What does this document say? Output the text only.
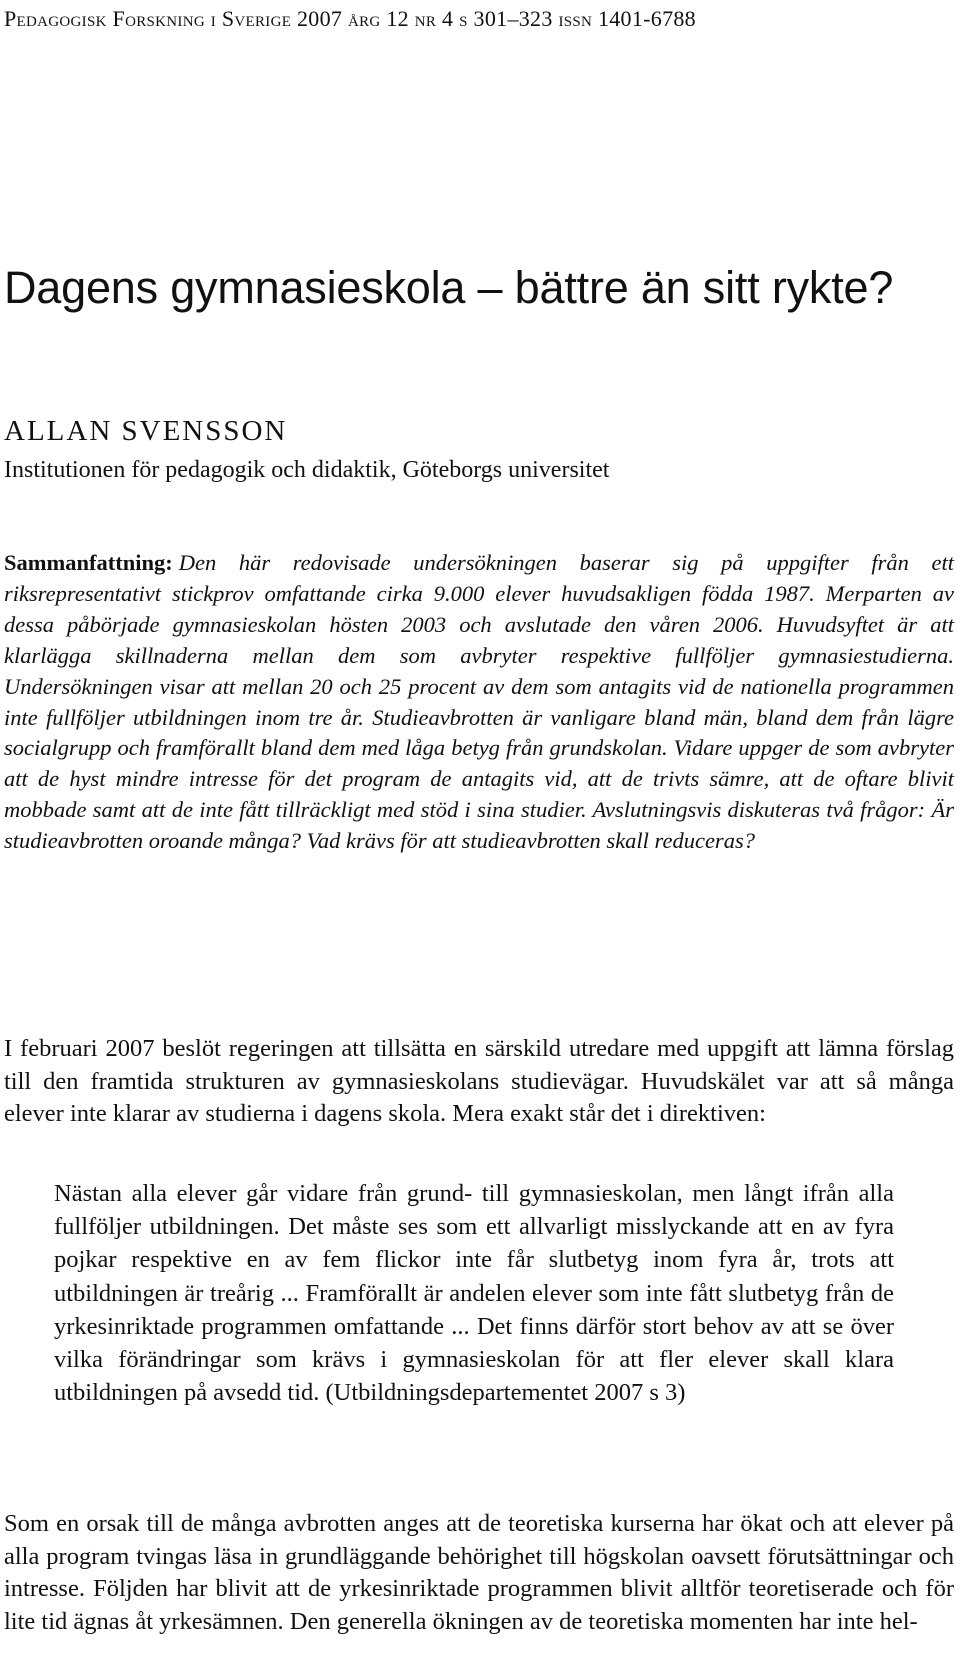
Pedagogisk Forskning i Sverige 2007 årg 12 nr 4 s 301–323 issn 1401-6788
Dagens gymnasieskola – bättre än sitt rykte?
ALLAN SVENSSON
Institutionen för pedagogik och didaktik, Göteborgs universitet

Sammanfattning: Den här redovisade undersökningen baserar sig på uppgifter från ett riksrepresentativt stickprov omfattande cirka 9.000 elever huvudsakligen födda 1987. Merparten av dessa påbörjade gymnasieskolan hösten 2003 och avslutade den våren 2006. Huvudsyftet är att klarlägga skillnaderna mellan dem som avbryter respektive fullföljer gymnasiestudierna. Undersökningen visar att mellan 20 och 25 procent av dem som antagits vid de nationella programmen inte fullföljer utbildningen inom tre år. Studieavbrotten är vanligare bland män, bland dem från lägre socialgrupp och framförallt bland dem med låga betyg från grundskolan. Vidare uppger de som avbryter att de hyst mindre intresse för det program de antagits vid, att de trivts sämre, att de oftare blivit mobbade samt att de inte fått tillräckligt med stöd i sina studier. Avslutningsvis diskuteras två frågor: Är studieavbrotten oroande många? Vad krävs för att studieavbrotten skall reduceras?

I februari 2007 beslöt regeringen att tillsätta en särskild utredare med uppgift att lämna förslag till den framtida strukturen av gymnasieskolans studievägar. Huvudskälet var att så många elever inte klarar av studierna i dagens skola. Mera exakt står det i direktiven:

Nästan alla elever går vidare från grund- till gymnasieskolan, men långt ifrån alla fullföljer utbildningen. Det måste ses som ett allvarligt misslyckande att en av fyra pojkar respektive en av fem flickor inte får slutbetyg inom fyra år, trots att utbildningen är treårig ... Framförallt är andelen elever som inte fått slutbetyg från de yrkesinriktade programmen omfattande ... Det finns därför stort behov av att se över vilka förändringar som krävs i gymnasieskolan för att fler elever skall klara utbildningen på avsedd tid. (Utbildningsdepartementet 2007 s 3)

Som en orsak till de många avbrotten anges att de teoretiska kurserna har ökat och att elever på alla program tvingas läsa in grundläggande behörighet till högskolan oavsett förutsättningar och intresse. Följden har blivit att de yrkesinriktade programmen blivit alltför teoretiserade och för lite tid ägnas åt yrkesämnen. Den generella ökningen av de teoretiska momenten har inte hel-
